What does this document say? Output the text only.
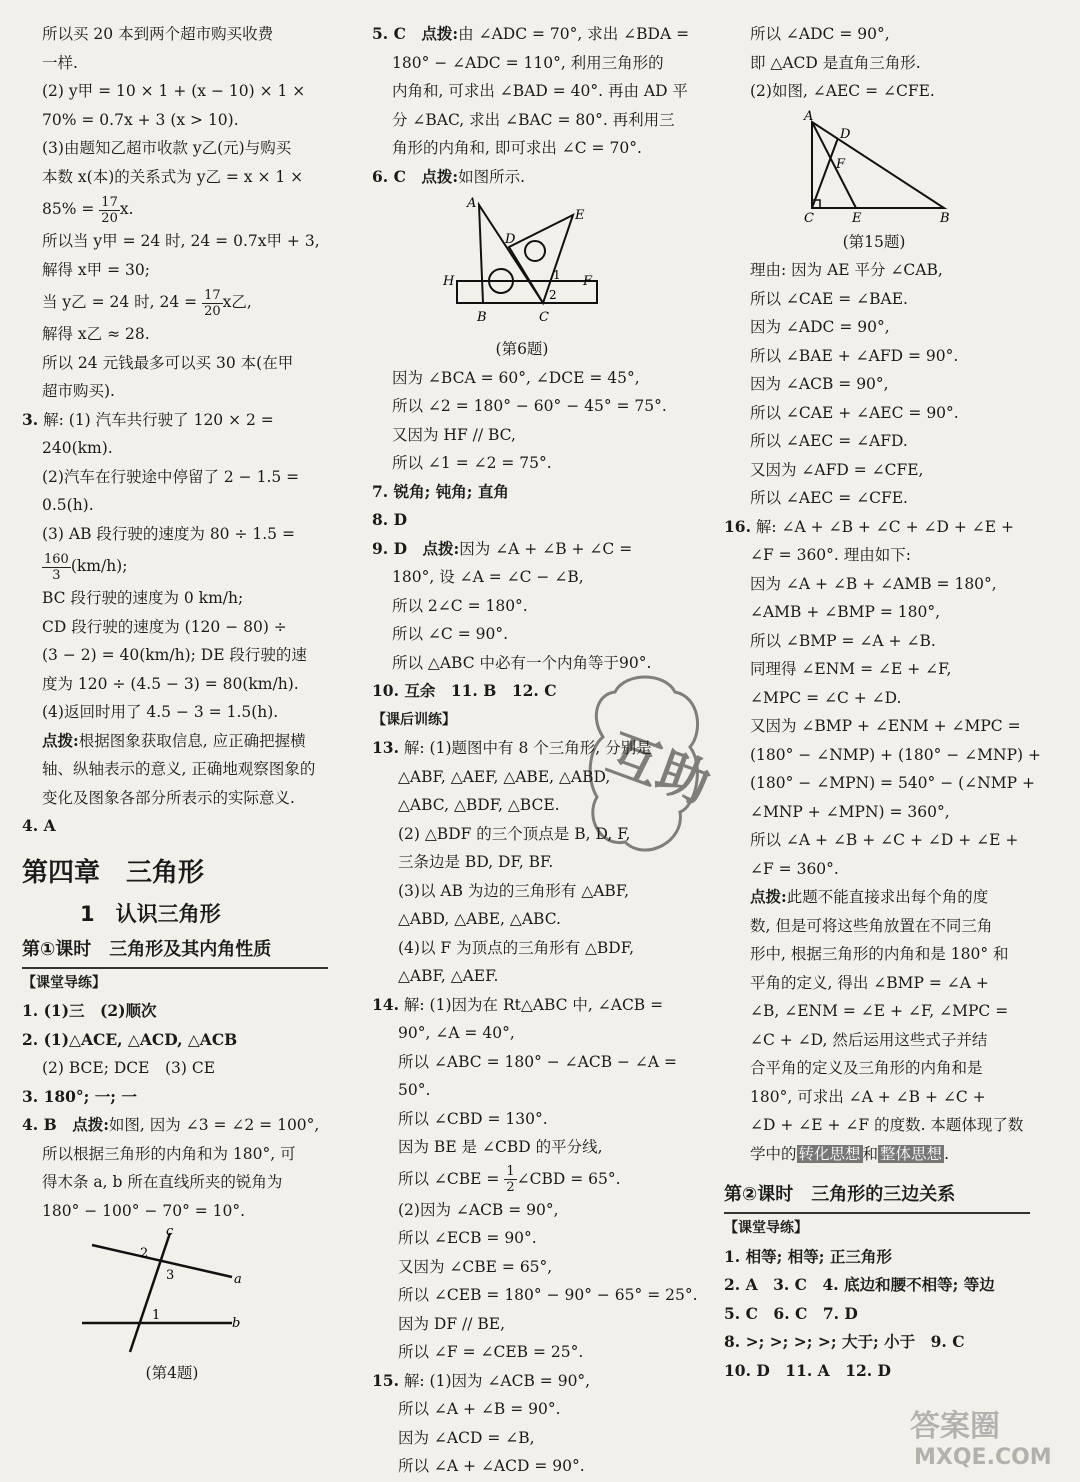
所以买 20 本到两个超市购买收费
一样.
(2) y甲 = 10 × 1 + (x − 10) × 1 ×
70% = 0.7x + 3 (x > 10).
(3)由题知乙超市收款 y乙(元)与购买
本数 x(本)的关系式为 y乙 = x × 1 ×
$85\% = \frac{17}{20} x$.
所以当 y甲 = 24 时, 24 = 0.7x甲 + 3,
解得 x甲 = 30;
当 y乙 = 24 时, $24 = \frac{17}{20}$ x乙,
解得 x乙 ≈ 28.
所以 24 元钱最多可以买 30 本(在甲
超市购买).
3. 解: (1) 汽车共行驶了 120 × 2 =
240(km).
(2)汽车在行驶途中停留了 2 − 1.5 =
0.5(h).
(3) AB 段行驶的速度为 80 ÷ 1.5 =
$\frac{160}{3} (km/h)$;
BC 段行驶的速度为 0 km/h;
CD 段行驶的速度为 (120 − 80) ÷
(3 − 2) = 40(km/h); DE 段行驶的速
度为 120 ÷ (4.5 − 3) = 80(km/h).
(4)返回时用了 4.5 − 3 = 1.5(h).
点拨:根据图象获取信息, 应正确把握横
轴、纵轴表示的意义, 正确地观察图象的
变化及图象各部分所表示的实际意义.
4. A
第四章　三角形
1　认识三角形
第①课时　三角形及其内角性质
【课堂导练】
1. (1)三　(2)顺次
2. (1)△ACE, △ACD, △ACB
(2) BCE; DCE　(3) CE
3. 180°; 一; 一
4. B　点拨:如图, 因为 ∠3 = ∠2 = 100°,
所以根据三角形的内角和为 180°, 可
得木条 a, b 所在直线所夹的锐角为
180° − 100° − 70° = 10°.
c
a
b
2
3
1
(第4题)
5. C　点拨:由 ∠ADC = 70°, 求出 ∠BDA =
180° − ∠ADC = 110°, 利用三角形的
内角和, 可求出 ∠BAD = 40°. 再由 AD 平
分 ∠BAC, 求出 ∠BAC = 80°. 再利用三
角形的内角和, 即可求出 ∠C = 70°.
6. C　点拨:如图所示.
A
D
E
H	F
B	C
1
2
(第6题)
因为 ∠BCA = 60°, ∠DCE = 45°,
所以 ∠2 = 180° − 60° − 45° = 75°.
又因为 HF // BC,
所以 ∠1 = ∠2 = 75°.
7. 锐角; 钝角; 直角
8. D
9. D　点拨:因为 ∠A + ∠B + ∠C =
180°, 设 ∠A = ∠C − ∠B,
所以 2∠C = 180°.
所以 ∠C = 90°.
所以 △ABC 中必有一个内角等于90°.
10. 互余　11. B　12. C
【课后训练】
13. 解: (1)题图中有 8 个三角形, 分别是
△ABF, △AEF, △ABE, △ABD,
△ABC, △BDF, △BCE.
(2) △BDF 的三个顶点是 B, D, F,
三条边是 BD, DF, BF.
(3)以 AB 为边的三角形有 △ABF,
△ABD, △ABE, △ABC.
(4)以 F 为顶点的三角形有 △BDF,
△ABF, △AEF.
14. 解: (1)因为在 Rt△ABC 中, ∠ACB =
90°, ∠A = 40°,
所以 ∠ABC = 180° − ∠ACB − ∠A =
50°.
所以 ∠CBD = 130°.
因为 BE 是 ∠CBD 的平分线,
所以 ∠CBE = $\frac{1}{2}$ ∠CBD = 65°.
(2)因为 ∠ACB = 90°,
所以 ∠ECB = 90°.
又因为 ∠CBE = 65°,
所以 ∠CEB = 180° − 90° − 65° = 25°.
因为 DF // BE,
所以 ∠F = ∠CEB = 25°.
15. 解: (1)因为 ∠ACB = 90°,
所以 ∠A + ∠B = 90°.
因为 ∠ACD = ∠B,
所以 ∠A + ∠ACD = 90°.
所以 ∠ADC = 90°,
即 △ACD 是直角三角形.
(2)如图, ∠AEC = ∠CFE.
A
D
F
C	E	B
(第15题)
理由: 因为 AE 平分 ∠CAB,
所以 ∠CAE = ∠BAE.
因为 ∠ADC = 90°,
所以 ∠BAE + ∠AFD = 90°.
因为 ∠ACB = 90°,
所以 ∠CAE + ∠AEC = 90°.
所以 ∠AEC = ∠AFD.
又因为 ∠AFD = ∠CFE,
所以 ∠AEC = ∠CFE.
16. 解: ∠A + ∠B + ∠C + ∠D + ∠E +
∠F = 360°. 理由如下:
因为 ∠A + ∠B + ∠AMB = 180°,
∠AMB + ∠BMP = 180°,
所以 ∠BMP = ∠A + ∠B.
同理得 ∠ENM = ∠E + ∠F,
∠MPC = ∠C + ∠D.
又因为 ∠BMP + ∠ENM + ∠MPC =
(180° − ∠NMP) + (180° − ∠MNP) +
(180° − ∠MPN) = 540° − (∠NMP +
∠MNP + ∠MPN) = 360°,
所以 ∠A + ∠B + ∠C + ∠D + ∠E +
∠F = 360°.
点拨:此题不能直接求出每个角的度
数, 但是可将这些角放置在不同三角
形中, 根据三角形的内角和是 180° 和
平角的定义, 得出 ∠BMP = ∠A +
∠B, ∠ENM = ∠E + ∠F, ∠MPC =
∠C + ∠D, 然后运用这些式子并结
合平角的定义及三角形的内角和是
180°, 可求出 ∠A + ∠B + ∠C +
∠D + ∠E + ∠F 的度数. 本题体现了数
学中的 转化思想 和 整体思想 .
第②课时　三角形的三边关系
【课堂导练】
1. 相等; 相等; 正三角形
2. A　3. C　4. 底边和腰不相等; 等边
5. C　6. C　7. D
8. >; >; >; >; 大于; 小于　9. C
10. D　11. A　12. D
互助
答案圈
MXQE.COM
